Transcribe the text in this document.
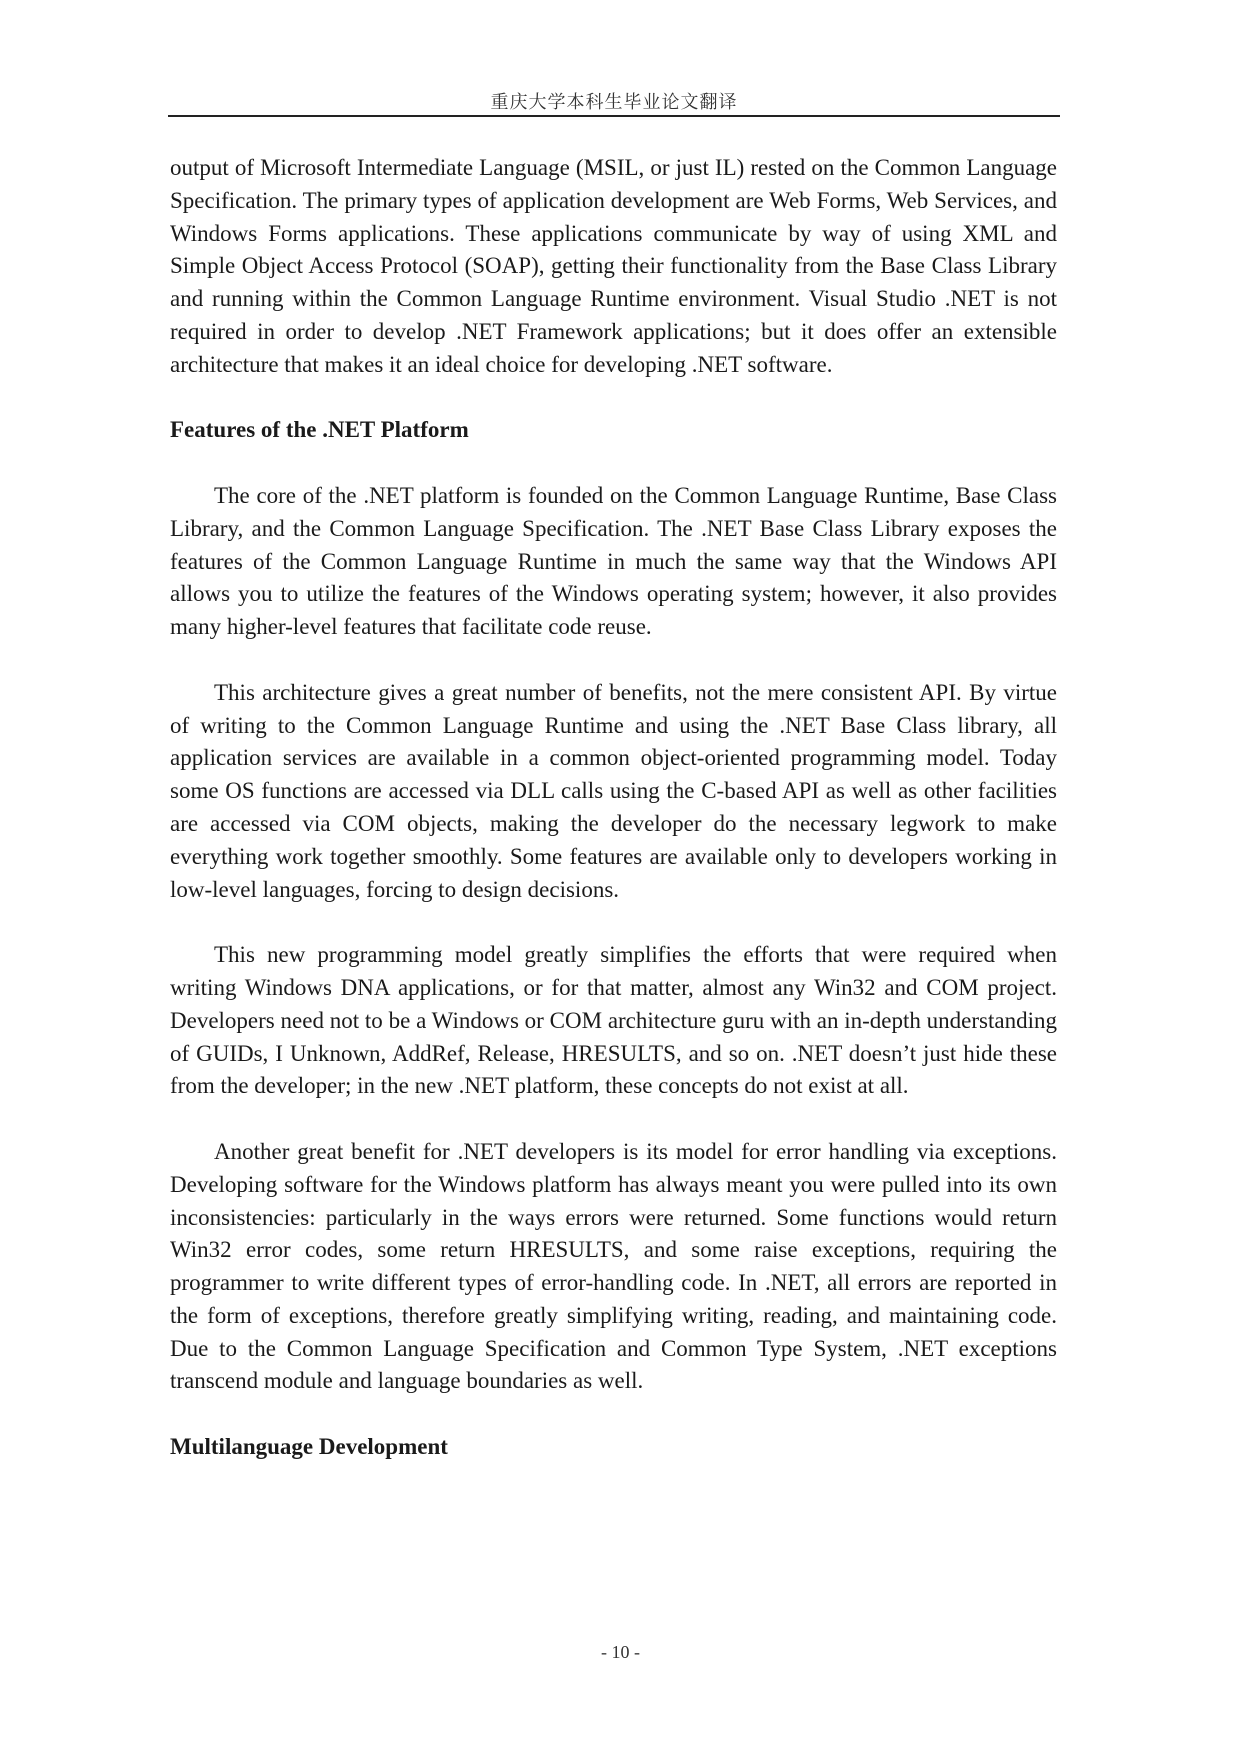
重庆大学本科生毕业论文翻译

output of Microsoft Intermediate Language (MSIL, or just IL) rested on the Common Language Specification. The primary types of application development are Web Forms, Web Services, and Windows Forms applications. These applications communicate by way of using XML and Simple Object Access Protocol (SOAP), getting their functionality from the Base Class Library and running within the Common Language Runtime environment. Visual Studio .NET is not required in order to develop .NET Framework applications; but it does offer an extensible architecture that makes it an ideal choice for developing .NET software.

Features of the .NET Platform

The core of the .NET platform is founded on the Common Language Runtime, Base Class Library, and the Common Language Specification. The .NET Base Class Library exposes the features of the Common Language Runtime in much the same way that the Windows API allows you to utilize the features of the Windows operating system; however, it also provides many higher-level features that facilitate code reuse.

This architecture gives a great number of benefits, not the mere consistent API. By virtue of writing to the Common Language Runtime and using the .NET Base Class library, all application services are available in a common object-oriented programming model. Today some OS functions are accessed via DLL calls using the C-based API as well as other facilities are accessed via COM objects, making the developer do the necessary legwork to make everything work together smoothly. Some features are available only to developers working in low-level languages, forcing to design decisions.

This new programming model greatly simplifies the efforts that were required when writing Windows DNA applications, or for that matter, almost any Win32 and COM project. Developers need not to be a Windows or COM architecture guru with an in-depth understanding of GUIDs, I Unknown, AddRef, Release, HRESULTS, and so on. .NET doesn’t just hide these from the developer; in the new .NET platform, these concepts do not exist at all.

Another great benefit for .NET developers is its model for error handling via exceptions. Developing software for the Windows platform has always meant you were pulled into its own inconsistencies: particularly in the ways errors were returned. Some functions would return Win32 error codes, some return HRESULTS, and some raise exceptions, requiring the programmer to write different types of error-handling code. In .NET, all errors are reported in the form of exceptions, therefore greatly simplifying writing, reading, and maintaining code. Due to the Common Language Specification and Common Type System, .NET exceptions transcend module and language boundaries as well.

Multilanguage Development
- 10 -
